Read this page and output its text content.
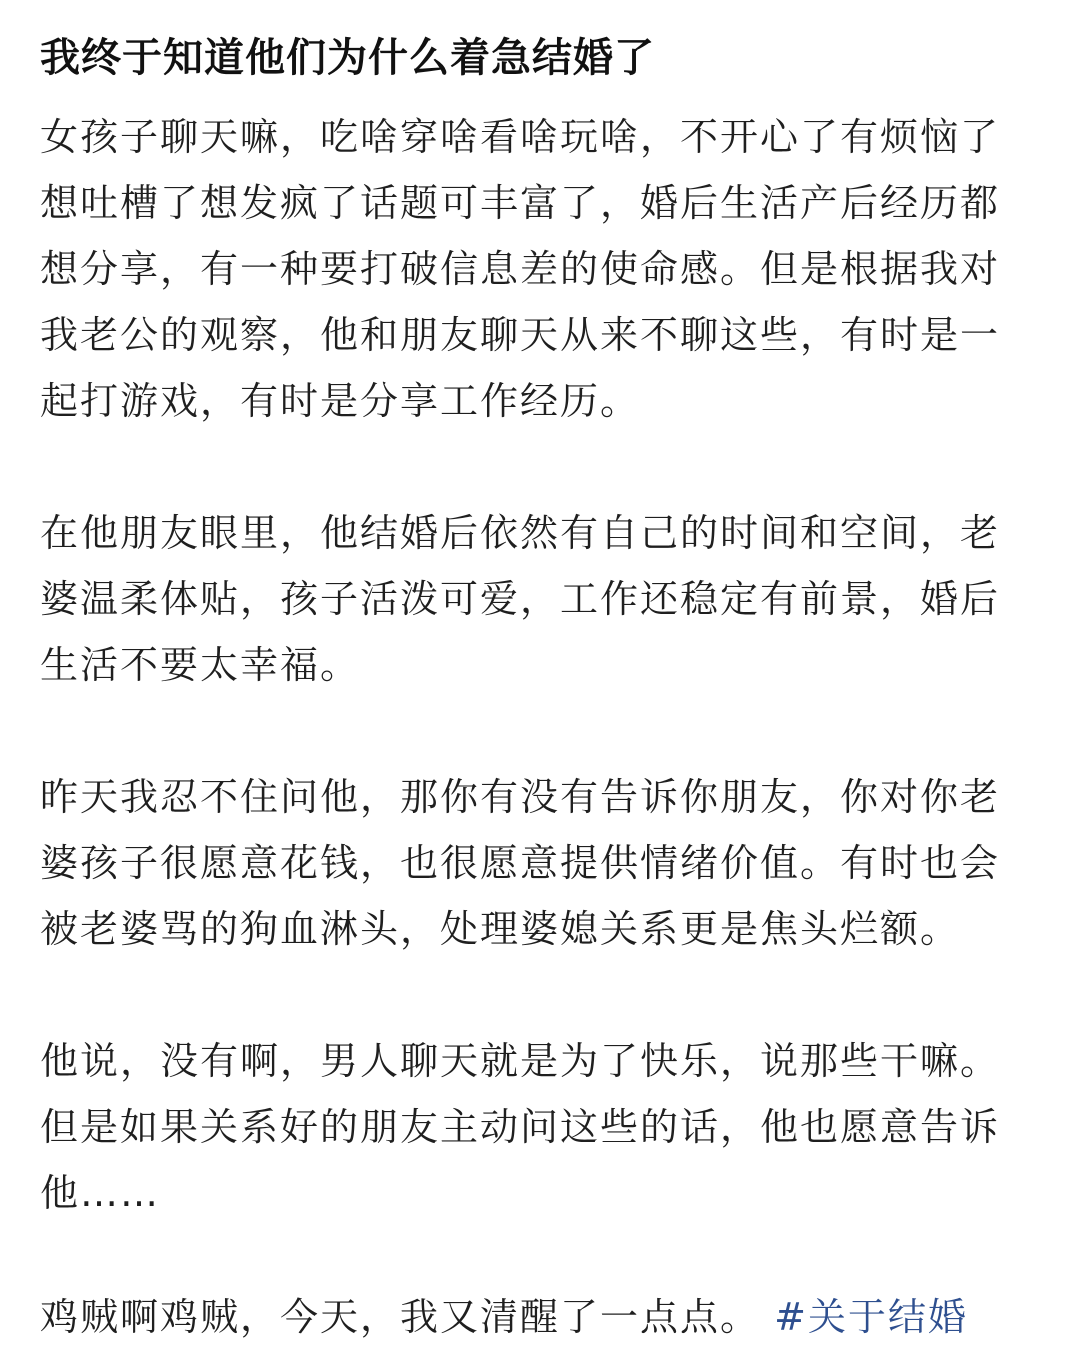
我终于知道他们为什么着急结婚了

女孩子聊天嘛，吃啥穿啥看啥玩啥，不开心了有烦恼了
想吐槽了想发疯了话题可丰富了，婚后生活产后经历都
想分享，有一种要打破信息差的使命感。但是根据我对
我老公的观察，他和朋友聊天从来不聊这些，有时是一
起打游戏，有时是分享工作经历。

在他朋友眼里，他结婚后依然有自己的时间和空间，老
婆温柔体贴，孩子活泼可爱，工作还稳定有前景，婚后
生活不要太幸福。

昨天我忍不住问他，那你有没有告诉你朋友，你对你老
婆孩子很愿意花钱，也很愿意提供情绪价值。有时也会
被老婆骂的狗血淋头，处理婆媳关系更是焦头烂额。

他说，没有啊，男人聊天就是为了快乐，说那些干嘛。
但是如果关系好的朋友主动问这些的话，他也愿意告诉
他……

鸡贼啊鸡贼，今天，我又清醒了一点点。 #关于结婚
